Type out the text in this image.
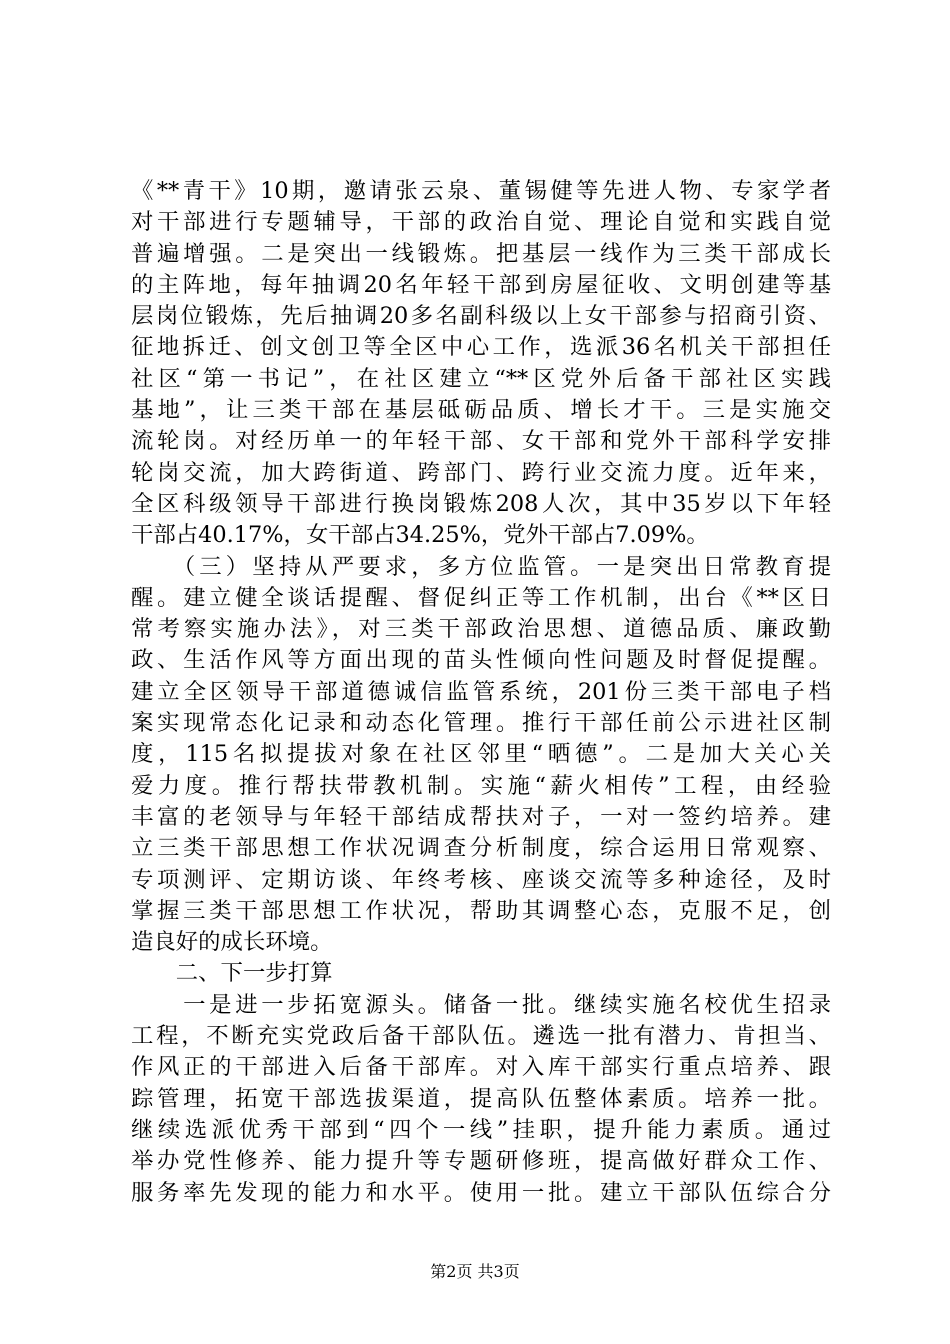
《**青干》10期，邀请张云泉、董锡健等先进人物、专家学者
对干部进行专题辅导，干部的政治自觉、理论自觉和实践自觉
普遍增强。二是突出一线锻炼。把基层一线作为三类干部成长
的主阵地，每年抽调20名年轻干部到房屋征收、文明创建等基
层岗位锻炼，先后抽调20多名副科级以上女干部参与招商引资、
征地拆迁、创文创卫等全区中心工作，选派36名机关干部担任
社区“第一书记”，在社区建立“**区党外后备干部社区实践
基地”，让三类干部在基层砥砺品质、增长才干。三是实施交
流轮岗。对经历单一的年轻干部、女干部和党外干部科学安排
轮岗交流，加大跨街道、跨部门、跨行业交流力度。近年来，
全区科级领导干部进行换岗锻炼208人次，其中35岁以下年轻
干部占40.17%，女干部占34.25%，党外干部占7.09%。
　　（三）坚持从严要求，多方位监管。一是突出日常教育提
醒。建立健全谈话提醒、督促纠正等工作机制，出台《**区日
常考察实施办法》，对三类干部政治思想、道德品质、廉政勤
政、生活作风等方面出现的苗头性倾向性问题及时督促提醒。
建立全区领导干部道德诚信监管系统，201份三类干部电子档
案实现常态化记录和动态化管理。推行干部任前公示进社区制
度，115名拟提拔对象在社区邻里“晒德”。二是加大关心关
爱力度。推行帮扶带教机制。实施“薪火相传”工程，由经验
丰富的老领导与年轻干部结成帮扶对子，一对一签约培养。建
立三类干部思想工作状况调查分析制度，综合运用日常观察、
专项测评、定期访谈、年终考核、座谈交流等多种途径，及时
掌握三类干部思想工作状况，帮助其调整心态，克服不足，创
造良好的成长环境。
　　二、下一步打算
　　一是进一步拓宽源头。储备一批。继续实施名校优生招录
工程，不断充实党政后备干部队伍。遴选一批有潜力、肯担当、
作风正的干部进入后备干部库。对入库干部实行重点培养、跟
踪管理，拓宽干部选拔渠道，提高队伍整体素质。培养一批。
继续选派优秀干部到“四个一线”挂职，提升能力素质。通过
举办党性修养、能力提升等专题研修班，提高做好群众工作、
服务率先发现的能力和水平。使用一批。建立干部队伍综合分
第2页 共3页
